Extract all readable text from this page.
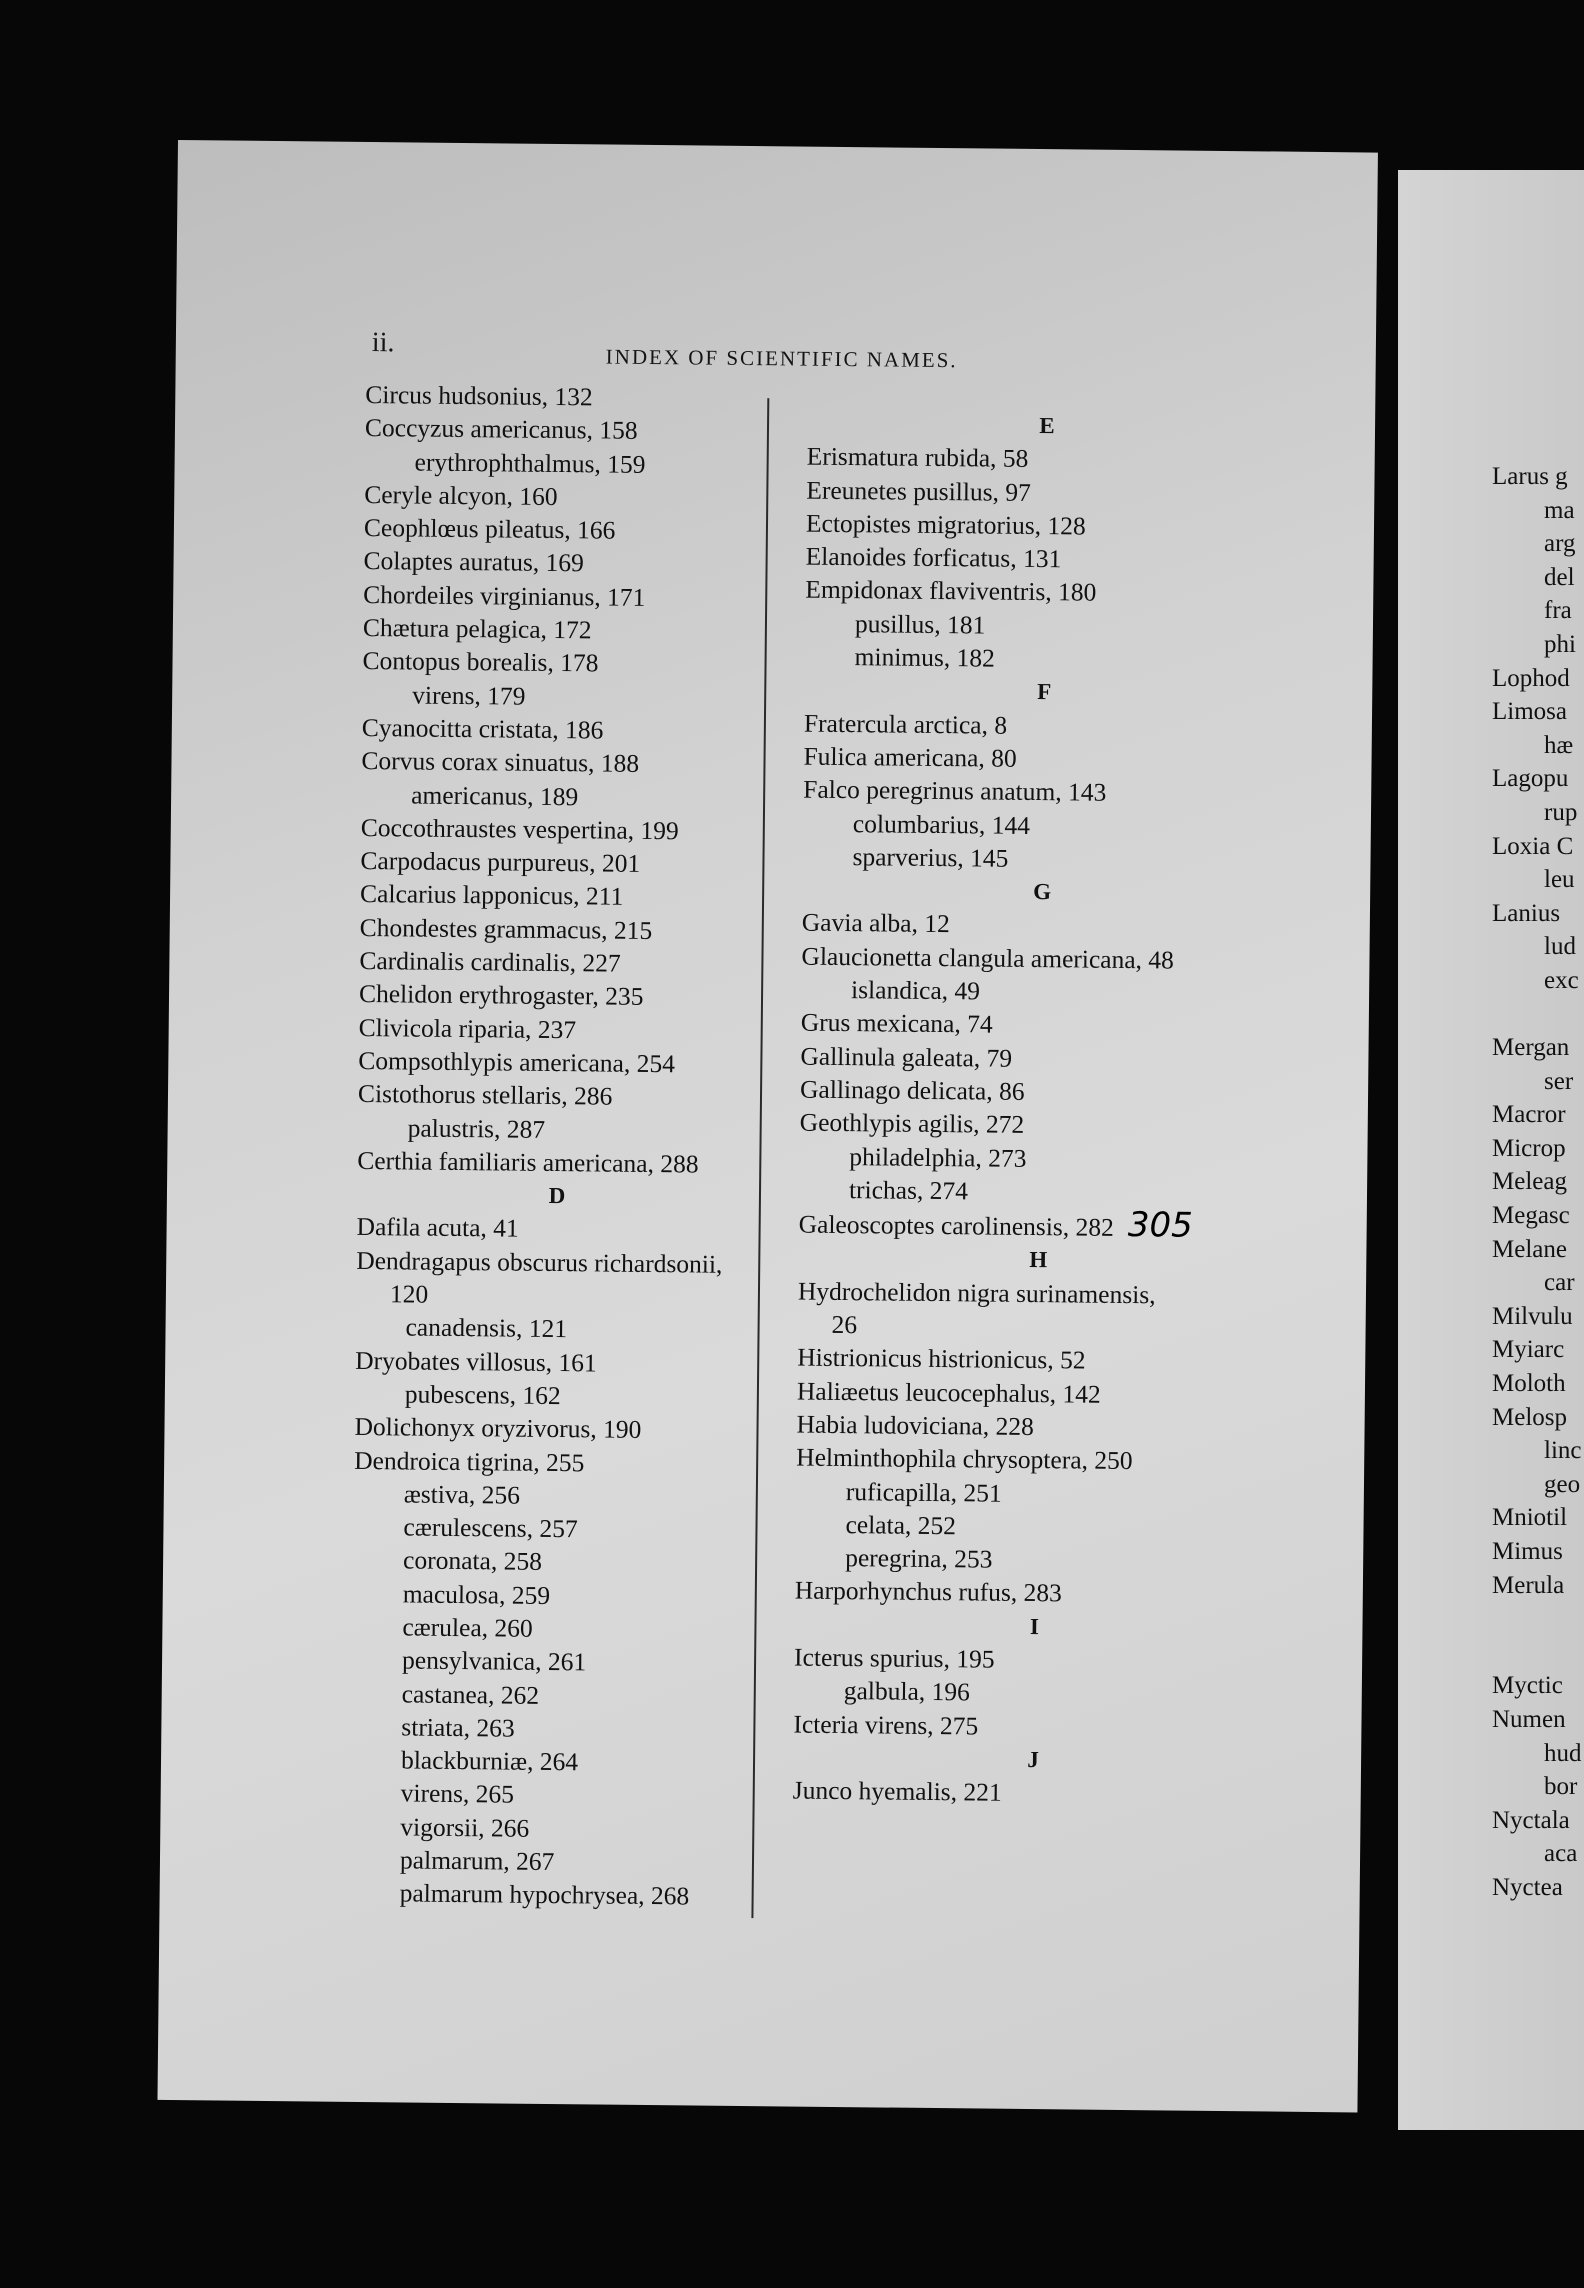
Larus g
ma
arg
del
fra
phi
Lophod
Limosa
hæ
Lagopu
rup
Loxia C
leu
Lanius
lud
exc

Mergan
ser
Macror
Microp
Meleag
Megasc
Melane
car
Milvulu
Myiarc
Moloth
Melosp
linc
geo
Mniotil
Mimus
Merula

Myctic
Numen
hud
bor
Nyctala
aca
Nyctea
ii.
INDEX OF SCIENTIFIC NAMES.
Circus hudsonius, 132
Coccyzus americanus, 158
erythrophthalmus, 159
Ceryle alcyon, 160
Ceophlœus pileatus, 166
Colaptes auratus, 169
Chordeiles virginianus, 171
Chætura pelagica, 172
Contopus borealis, 178
virens, 179
Cyanocitta cristata, 186
Corvus corax sinuatus, 188
americanus, 189
Coccothraustes vespertina, 199
Carpodacus purpureus, 201
Calcarius lapponicus, 211
Chondestes grammacus, 215
Cardinalis cardinalis, 227
Chelidon erythrogaster, 235
Clivicola riparia, 237
Compsothlypis americana, 254
Cistothorus stellaris, 286
palustris, 287
Certhia familiaris americana, 288
D
Dafila acuta, 41
Dendragapus obscurus richardsonii,
120
canadensis, 121
Dryobates villosus, 161
pubescens, 162
Dolichonyx oryzivorus, 190
Dendroica tigrina, 255
æstiva, 256
cærulescens, 257
coronata, 258
maculosa, 259
cærulea, 260
pensylvanica, 261
castanea, 262
striata, 263
blackburniæ, 264
virens, 265
vigorsii, 266
palmarum, 267
palmarum hypochrysea, 268
E
Erismatura rubida, 58
Ereunetes pusillus, 97
Ectopistes migratorius, 128
Elanoides forficatus, 131
Empidonax flaviventris, 180
pusillus, 181
minimus, 182
F
Fratercula arctica, 8
Fulica americana, 80
Falco peregrinus anatum, 143
columbarius, 144
sparverius, 145
G
Gavia alba, 12
Glaucionetta clangula americana, 48
islandica, 49
Grus mexicana, 74
Gallinula galeata, 79
Gallinago delicata, 86
Geothlypis agilis, 272
philadelphia, 273
trichas, 274
Galeoscoptes carolinensis, 282 305
H
Hydrochelidon nigra surinamensis,
26
Histrionicus histrionicus, 52
Haliæetus leucocephalus, 142
Habia ludoviciana, 228
Helminthophila chrysoptera, 250
ruficapilla, 251
celata, 252
peregrina, 253
Harporhynchus rufus, 283
I
Icterus spurius, 195
galbula, 196
Icteria virens, 275
J
Junco hyemalis, 221
